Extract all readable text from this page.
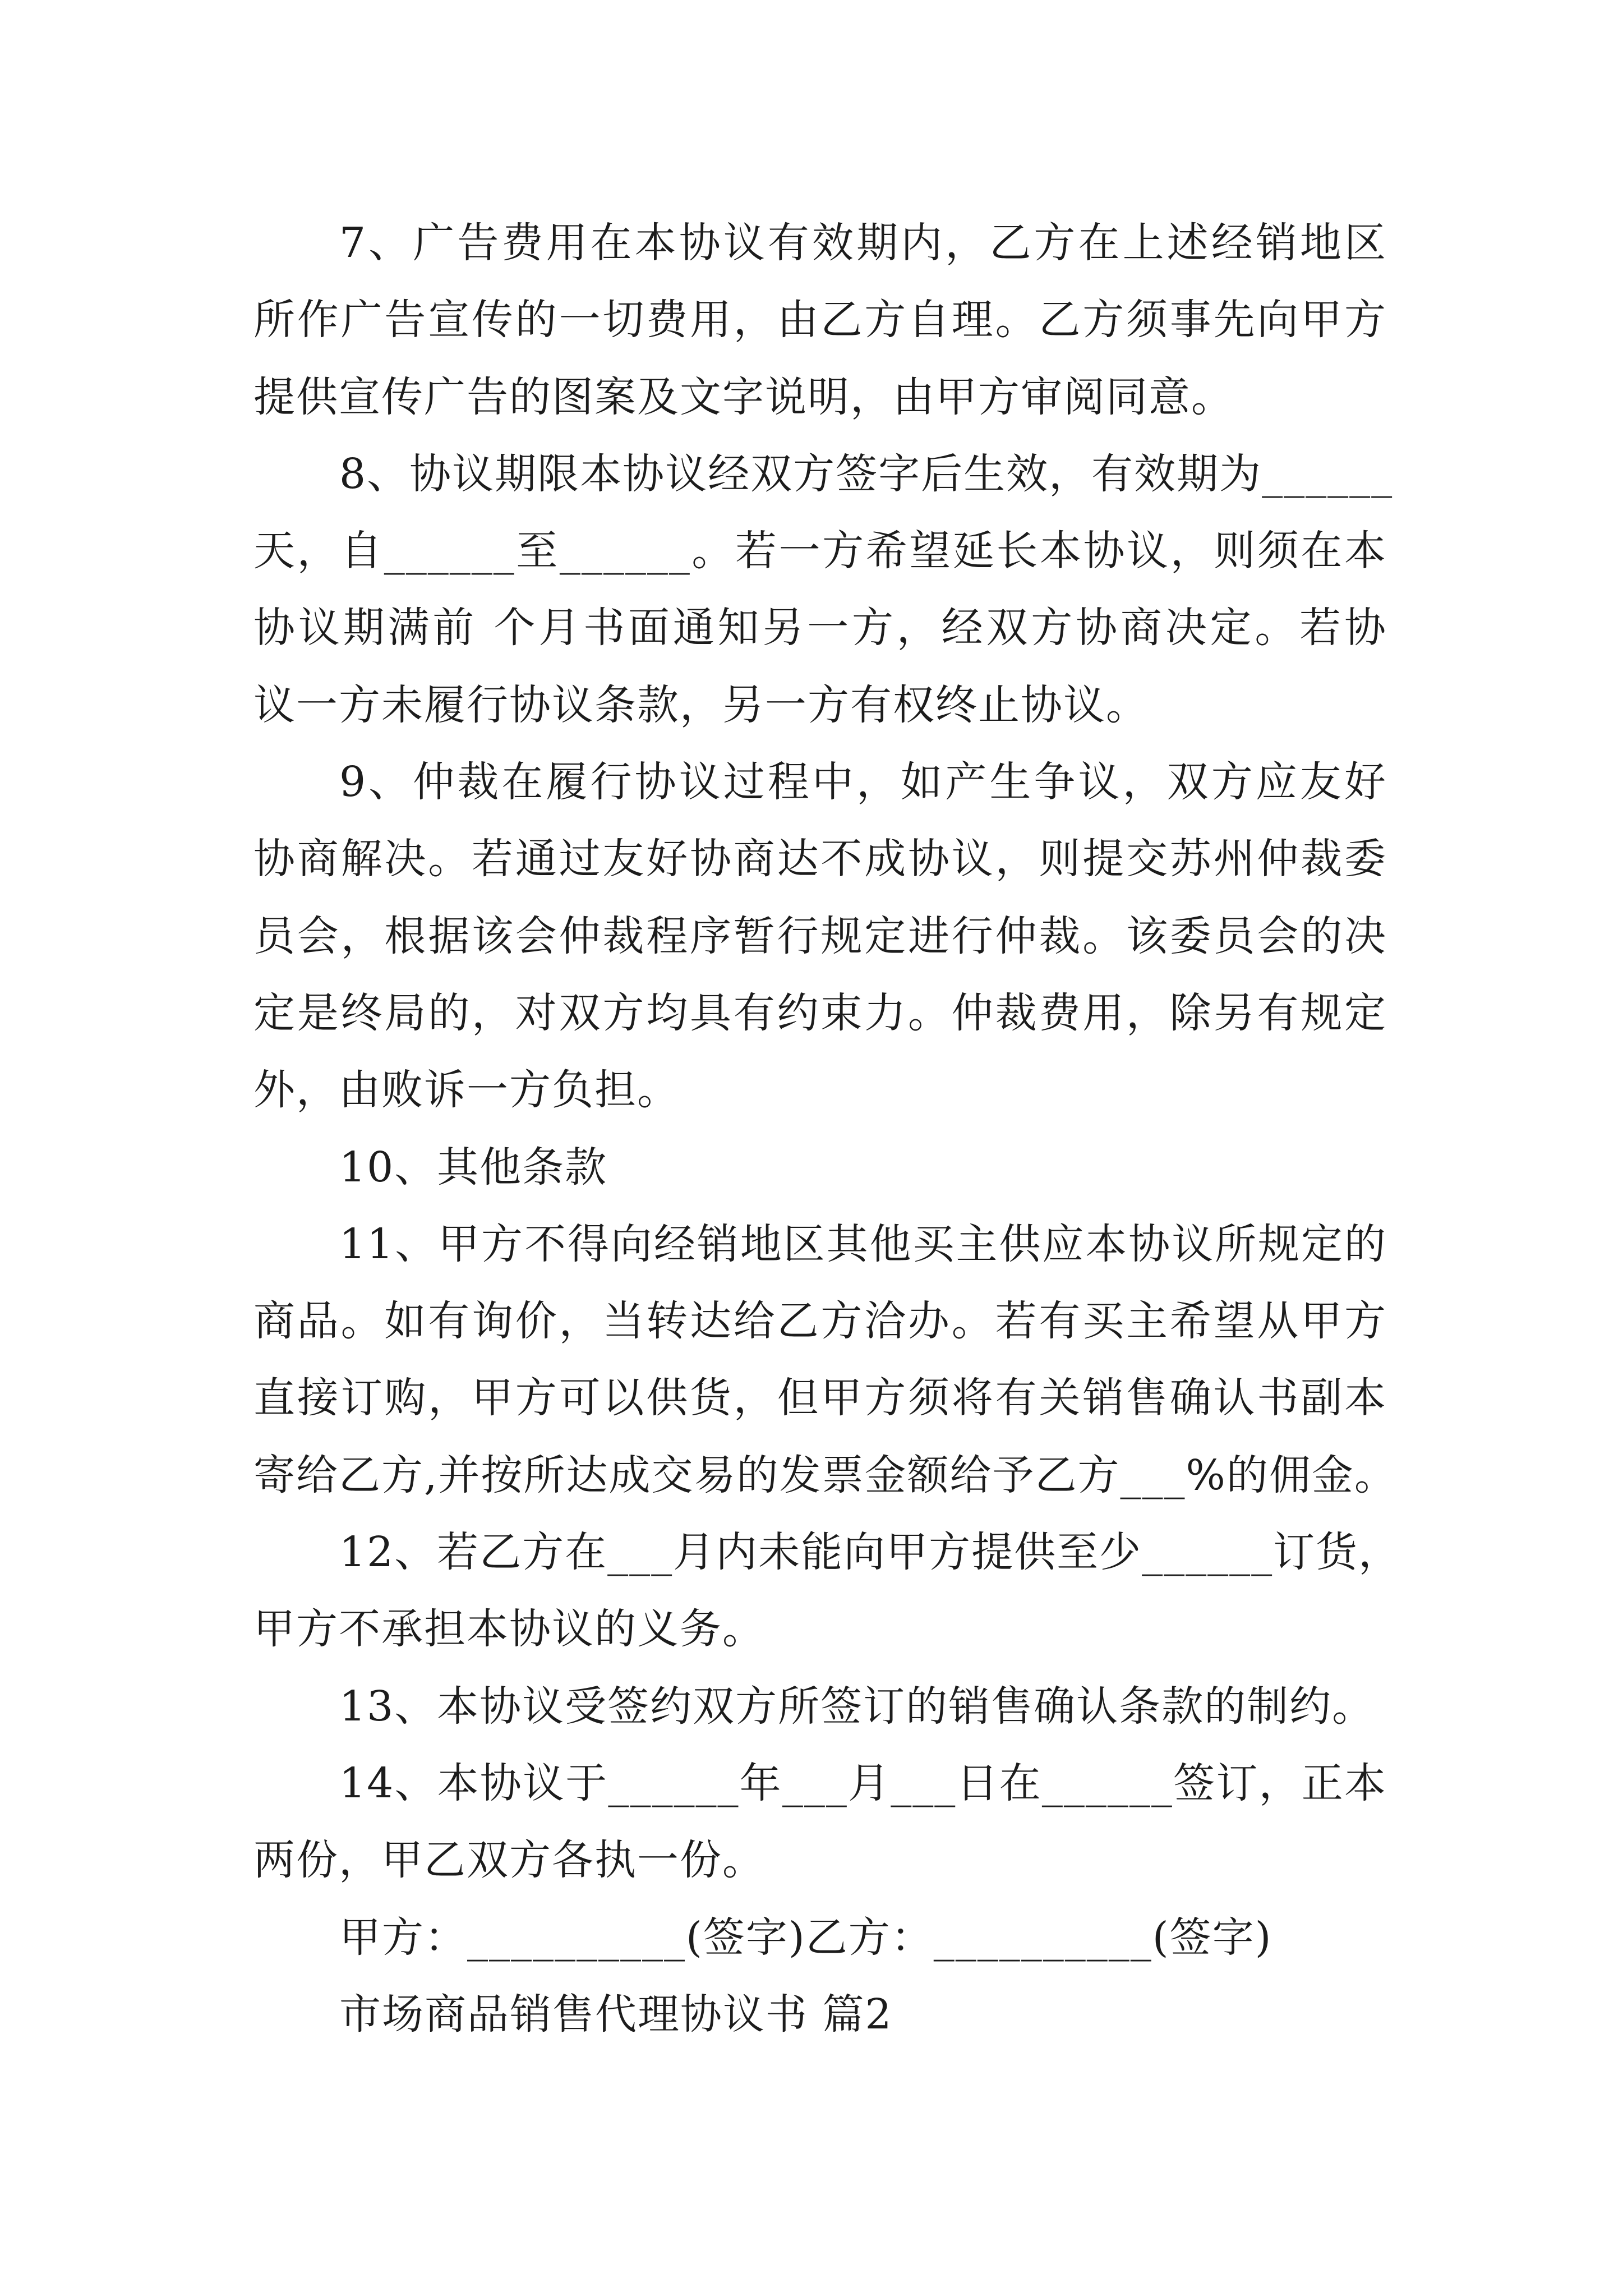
7、广告费用在本协议有效期内，乙方在上述经销地区
所作广告宣传的一切费用，由乙方自理。乙方须事先向甲方
提供宣传广告的图案及文字说明，由甲方审阅同意。
8、协议期限本协议经双方签字后生效，有效期为______
天，自______至______。若一方希望延长本协议，则须在本
协议期满前 个月书面通知另一方，经双方协商决定。若协
议一方未履行协议条款，另一方有权终止协议。
9、仲裁在履行协议过程中，如产生争议，双方应友好
协商解决。若通过友好协商达不成协议，则提交苏州仲裁委
员会，根据该会仲裁程序暂行规定进行仲裁。该委员会的决
定是终局的，对双方均具有约束力。仲裁费用，除另有规定
外，由败诉一方负担。
10、其他条款
11、甲方不得向经销地区其他买主供应本协议所规定的
商品。如有询价，当转达给乙方洽办。若有买主希望从甲方
直接订购，甲方可以供货，但甲方须将有关销售确认书副本
寄给乙方,并按所达成交易的发票金额给予乙方___%的佣金。
12、若乙方在___月内未能向甲方提供至少______订货，
甲方不承担本协议的义务。
13、本协议受签约双方所签订的销售确认条款的制约。
14、本协议于______年___月___日在______签订，正本
两份，甲乙双方各执一份。
甲方：__________(签字)乙方：__________(签字)
市场商品销售代理协议书 篇2
